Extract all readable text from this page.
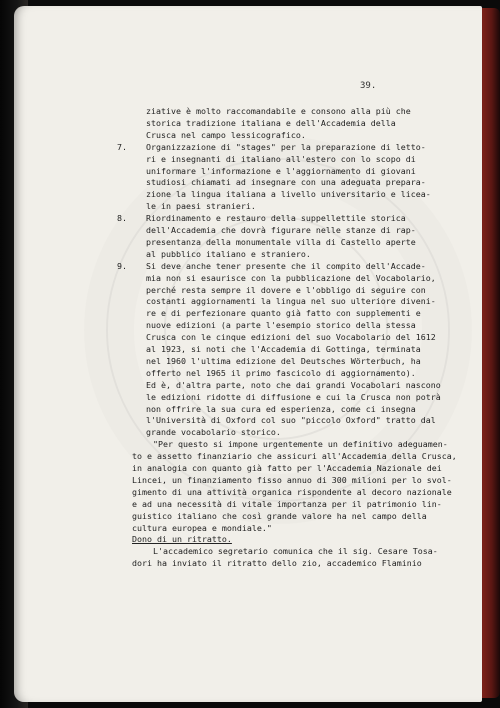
39.
ziative è molto raccomandabile e consono alla più che
storica tradizione italiana e dell'Accademia della
Crusca nel campo lessicografico.
7. Organizzazione di "stages" per la preparazione di letto-
ri e insegnanti di italiano all'estero con lo scopo di
uniformare l'informazione e l'aggiornamento di giovani
studiosi chiamati ad insegnare con una adeguata prepara-
zione la lingua italiana a livello universitario e licea-
le in paesi stranieri.
8. Riordinamento e restauro della suppellettile storica
dell'Accademia che dovrà figurare nelle stanze di rap-
presentanza della monumentale villa di Castello aperte
al pubblico italiano e straniero.
9. Si deve anche tener presente che il compito dell'Accade-
mia non si esaurisce con la pubblicazione del Vocabolario,
perché resta sempre il dovere e l'obbligo di seguire con
costanti aggiornamenti la lingua nel suo ulteriore diveni-
re e di perfezionare quanto già fatto con supplementi e
nuove edizioni (a parte l'esempio storico della stessa
Crusca con le cinque edizioni del suo Vocabolario del 1612
al 1923, si noti che l'Accademia di Gottinga, terminata
nel 1960 l'ultima edizione del Deutsches Wörterbuch, ha
offerto nel 1965 il primo fascicolo di aggiornamento).
Ed è, d'altra parte, noto che dai grandi Vocabolari nascono
le edizioni ridotte di diffusione e cui la Crusca non potrà
non offrire la sua cura ed esperienza, come ci insegna
l'Università di Oxford col suo "piccolo Oxford" tratto dal
grande vocabolario storico.
"Per questo si impone urgentemente un definitivo adeguamen-
to e assetto finanziario che assicuri all'Accademia della Crusca,
in analogia con quanto già fatto per l'Accademia Nazionale dei
Lincei, un finanziamento fisso annuo di 300 milioni per lo svol-
gimento di una attività organica rispondente al decoro nazionale
e ad una necessità di vitale importanza per il patrimonio lin-
guistico italiano che così grande valore ha nel campo della
cultura europea e mondiale."
Dono di un ritratto.
L'accademico segretario comunica che il sig. Cesare Tosa-
dori ha inviato il ritratto dello zio, accademico Flaminio
